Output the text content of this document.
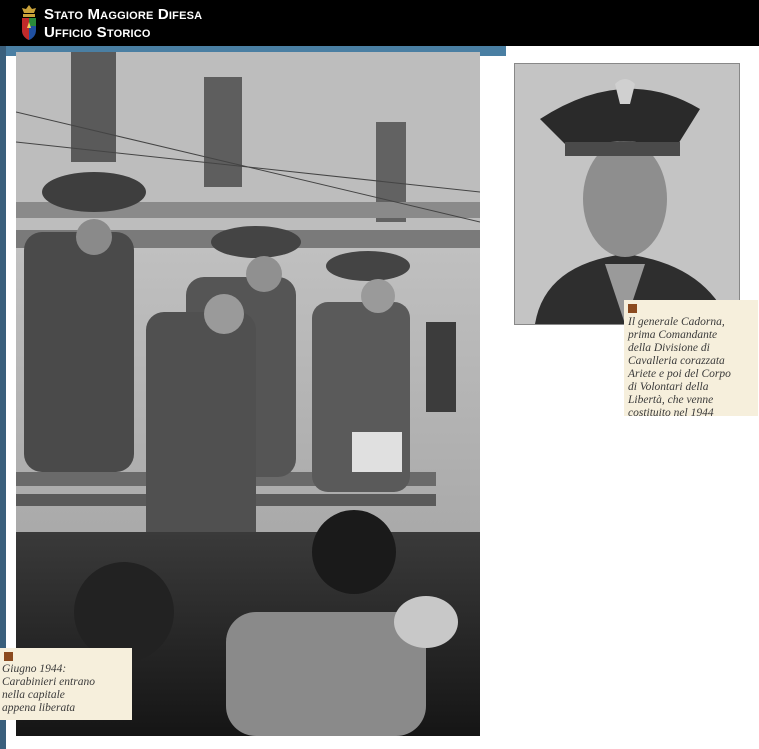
Stato Maggiore Difesa
Ufficio Storico
Il generale Cadorna,
prima Comandante
della Divisione di
Cavalleria corazzata
Ariete e poi del Corpo
di Volontari della
Libertà, che venne
costituito nel 1944
Giugno 1944:
Carabinieri entrano
nella capitale
appena liberata
